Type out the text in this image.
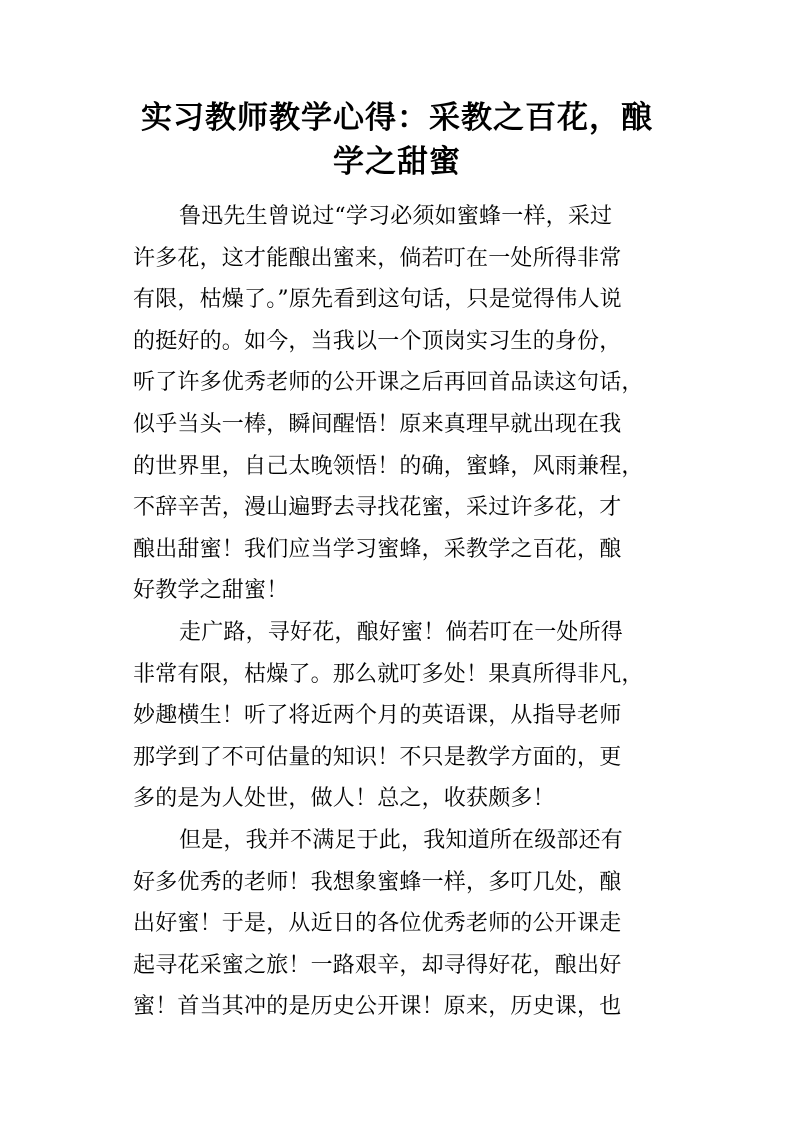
实习教师教学心得：采教之百花，酿
学之甜蜜
鲁迅先生曾说过“学习必须如蜜蜂一样，采过
许多花，这才能酿出蜜来，倘若叮在一处所得非常
有限，枯燥了。”原先看到这句话，只是觉得伟人说
的挺好的。如今，当我以一个顶岗实习生的身份，
听了许多优秀老师的公开课之后再回首品读这句话，
似乎当头一棒，瞬间醒悟！原来真理早就出现在我
的世界里，自己太晚领悟！的确，蜜蜂，风雨兼程，
不辞辛苦，漫山遍野去寻找花蜜，采过许多花，才
酿出甜蜜！我们应当学习蜜蜂，采教学之百花，酿
好教学之甜蜜！
走广路，寻好花，酿好蜜！倘若叮在一处所得
非常有限，枯燥了。那么就叮多处！果真所得非凡，
妙趣横生！听了将近两个月的英语课，从指导老师
那学到了不可估量的知识！不只是教学方面的，更
多的是为人处世，做人！总之，收获颇多！
但是，我并不满足于此，我知道所在级部还有
好多优秀的老师！我想象蜜蜂一样，多叮几处，酿
出好蜜！于是，从近日的各位优秀老师的公开课走
起寻花采蜜之旅！一路艰辛，却寻得好花，酿出好
蜜！首当其冲的是历史公开课！原来，历史课，也
